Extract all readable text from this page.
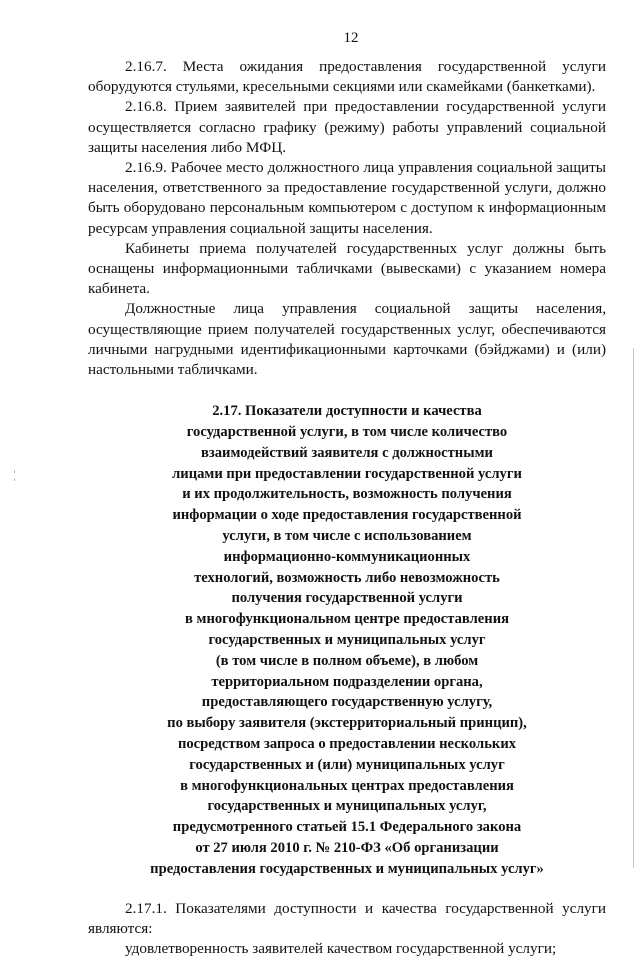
12

2.16.7. Места ожидания предоставления государственной услуги оборудуются стульями, кресельными секциями или скамейками (банкетками).

2.16.8. Прием заявителей при предоставлении государственной услуги осуществляется согласно графику (режиму) работы управлений социальной защиты населения либо МФЦ.

2.16.9. Рабочее место должностного лица управления социальной защиты населения, ответственного за предоставление государственной услуги, должно быть оборудовано персональным компьютером с доступом к информационным ресурсам управления социальной защиты населения.

Кабинеты приема получателей государственных услуг должны быть оснащены информационными табличками (вывесками) с указанием номера кабинета.

Должностные лица управления социальной защиты населения, осуществляющие прием получателей государственных услуг, обеспечиваются личными нагрудными идентификационными карточками (бэйджами) и (или) настольными табличками.

2.17. Показатели доступности и качества
государственной услуги, в том числе количество
взаимодействий заявителя с должностными
лицами при предоставлении государственной услуги
и их продолжительность, возможность получения
информации о ходе предоставления государственной
услуги, в том числе с использованием
информационно-коммуникационных
технологий, возможность либо невозможность
получения государственной услуги
в многофункциональном центре предоставления
государственных и муниципальных услуг
(в том числе в полном объеме), в любом
территориальном подразделении органа,
предоставляющего государственную услугу,
по выбору заявителя (экстерриториальный принцип),
посредством запроса о предоставлении нескольких
государственных и (или) муниципальных услуг
в многофункциональных центрах предоставления
государственных и муниципальных услуг,
предусмотренного статьей 15.1 Федерального закона
от 27 июля 2010 г. № 210-ФЗ «Об организации
предоставления государственных и муниципальных услуг»

2.17.1. Показателями доступности и качества государственной услуги являются:

удовлетворенность заявителей качеством государственной услуги;
